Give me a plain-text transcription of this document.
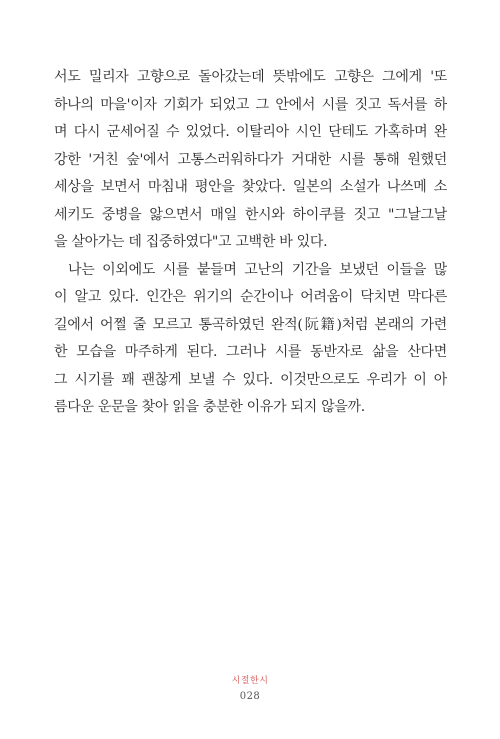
서도 밀리자 고향으로 돌아갔는데 뜻밖에도 고향은 그에게 '또
하나의 마을'이자 기회가 되었고 그 안에서 시를 짓고 독서를 하
며 다시 군세어질 수 있었다. 이탈리아 시인 단테도 가혹하며 완
강한 '거친 숲'에서 고통스러워하다가 거대한 시를 통해 원했던
세상을 보면서 마침내 평안을 찾았다. 일본의 소설가 나쓰메 소
세키도 중병을 앓으면서 매일 한시와 하이쿠를 짓고 "그날그날
을 살아가는 데 집중하였다"고 고백한 바 있다.
나는 이외에도 시를 붙들며 고난의 기간을 보냈던 이들을 많
이 알고 있다. 인간은 위기의 순간이나 어려움이 닥치면 막다른
길에서 어쩔 줄 모르고 통곡하였던 완적(阮籍)처럼 본래의 가련
한 모습을 마주하게 된다. 그러나 시를 동반자로 삶을 산다면
그 시기를 꽤 괜찮게 보낼 수 있다. 이것만으로도 우리가 이 아
름다운 운문을 찾아 읽을 충분한 이유가 되지 않을까.
시절한시
028
